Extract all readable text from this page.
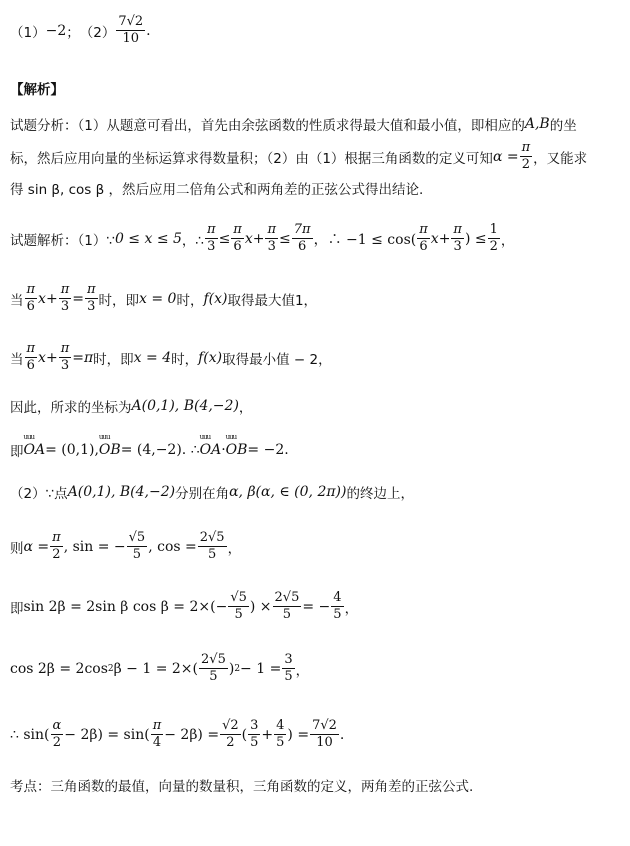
（1） −2 ； $(2) \frac{7√2}{10}$ .
【解析】
试题分析：（1）从题意可看出，首先由余弦函数的性质求得最大值和最小值，即相应的 A,B 的坐
标，然后应用向量的坐标运算求得数量积；（2）由（1）根据三角函数的定义可知 $\alpha = \frac{\pi}{2}$ ，又能求
得 sin β, cos β ，然后应用二倍角公式和两角差的正弦公式得出结论.
试题解析：（1）∵ 0 ≤ x ≤ 5 ，∴ $\frac{\pi}{3} \le \frac{\pi}{6}$ $x + \frac{\pi}{3} \le \frac{7\pi}{6}$ ，∴ $-1 \le \cos( \frac{\pi}{6}$ $x + \frac{\pi}{3}$ ) ≤ $\frac{1}{2}$ ，
当 $\frac{\pi}{6}$ $x + \frac{\pi}{3} = \frac{\pi}{3}$ 时，即 x = 0 时， f(x) 取得最大值1，
当 $\frac{\pi}{6}$ $x + \frac{\pi}{3} = \pi$ 时，即 x = 4 时， f(x) 取得最小值 − 2，
因此，所求的坐标为 A(0,1), B(4,−2) ，
即 uuu OA = (0,1), uuu OB = (4,−2). ∴ uuu OA · uuu OB = −2.
（2）∵点 A(0,1), B(4,−2) 分别在角 α, β(α, ∈ (0, 2π)) 的终边上，
则 $\alpha = \frac{\pi}{2}$ , sin = − $\frac{√5}{5}$ , $\cos = \frac{2√5}{5}$ ，
即 sin 2β = 2sin β $\cos \beta = 2\times(- \frac{√5}{5}$ ) × $\frac{2√5}{5}$ = − $\frac{4}{5}$ ，
cos 2β = 2cos 2 $\beta - 1 = 2\times( \frac{2√5}{5}$ ) $2 - 1 = \frac{3}{5}$ ，
∴ $\sin( \frac{\alpha}{2} - 2\beta) = \sin( \frac{\pi}{4} - 2\beta) = \frac{√2}{2}$ ( $\frac{3}{5} + \frac{4}{5}$ ) = $\frac{7√2}{10}$ .
考点：三角函数的最值，向量的数量积，三角函数的定义，两角差的正弦公式.
